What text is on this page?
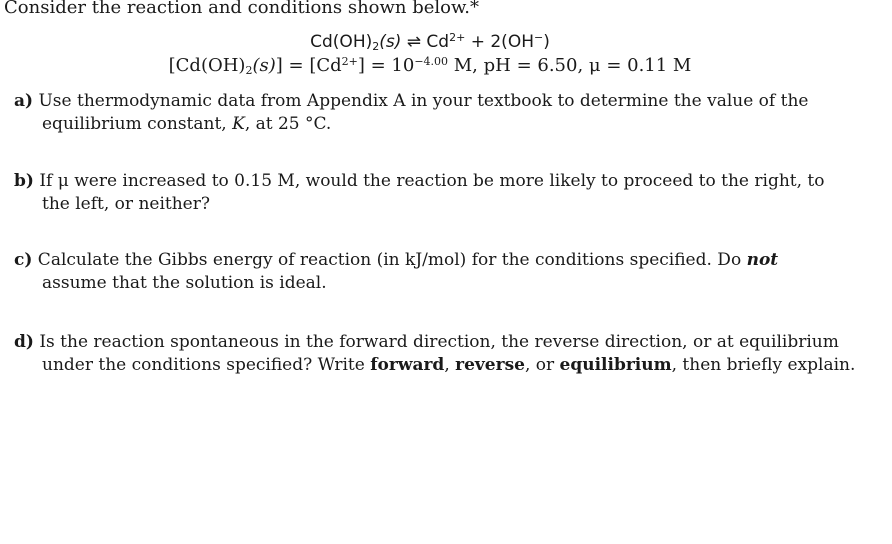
Consider the reaction and conditions shown below.*
$Cd(OH)_2(s)$ ⇌ $Cd^{2+} + 2(OH^-)$
$[Cd(OH)_2(s)] = [Cd^{2+}] = 10^{-4.00}$ M, pH = 6.50, μ = 0.11 M
a) Use thermodynamic data from Appendix A in your textbook to determine the value of the
equilibrium constant, K, at 25 °C.
b) If μ were increased to 0.15 M, would the reaction be more likely to proceed to the right, to
the left, or neither?
c) Calculate the Gibbs energy of reaction (in kJ/mol) for the conditions specified. Do not
assume that the solution is ideal.
d) Is the reaction spontaneous in the forward direction, the reverse direction, or at equilibrium
under the conditions specified? Write forward, reverse, or equilibrium, then briefly explain.
